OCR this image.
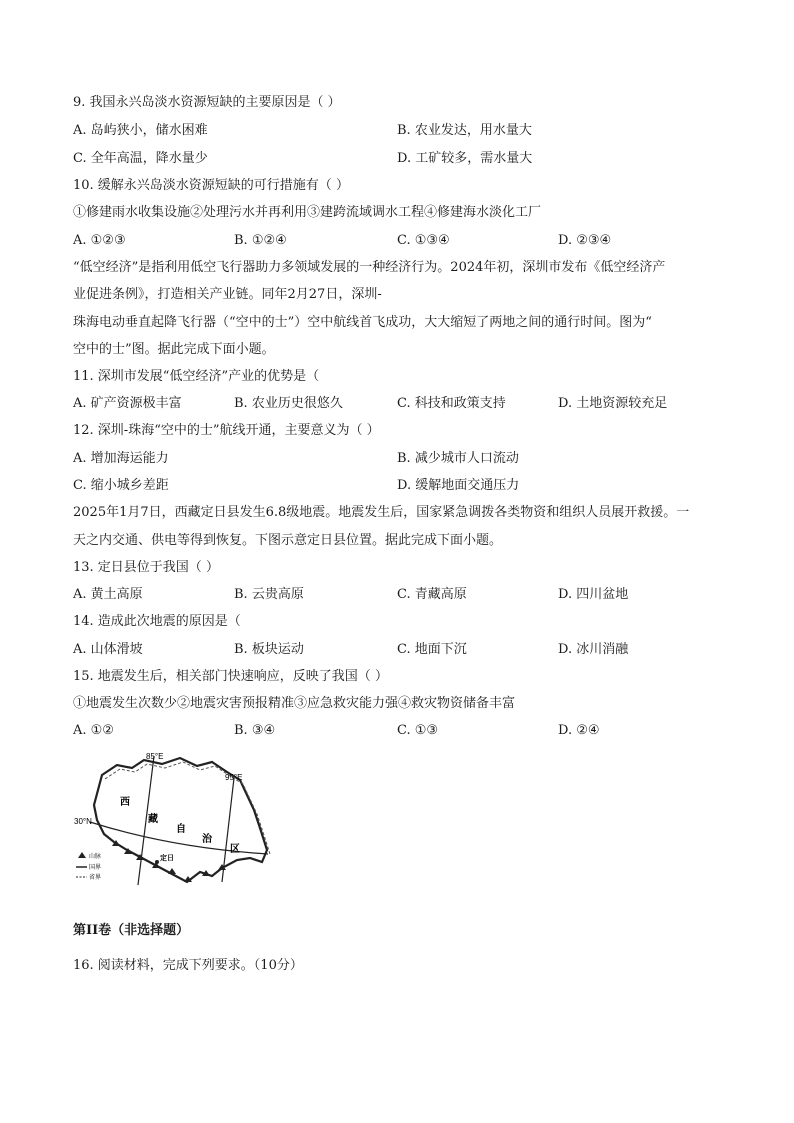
9. 我国永兴岛淡水资源短缺的主要原因是（ ）
A. 岛屿狭小，储水困难	B. 农业发达，用水量大
C. 全年高温，降水量少	D. 工矿较多，需水量大
10. 缓解永兴岛淡水资源短缺的可行措施有（ ）
①修建雨水收集设施②处理污水并再利用③建跨流域调水工程④修建海水淡化工厂
A. ①②③	B. ①②④	C. ①③④	D. ②③④
“低空经济”是指利用低空飞行器助力多领域发展的一种经济行为。2024年初，深圳市发布《低空经济产
业促进条例》，打造相关产业链。同年2月27日，深圳-
珠海电动垂直起降飞行器（“空中的士”）空中航线首飞成功，大大缩短了两地之间的通行时间。图为“
空中的士”图。据此完成下面小题。
11. 深圳市发展“低空经济”产业的优势是（
A. 矿产资源极丰富	B. 农业历史很悠久	C. 科技和政策支持	D. 土地资源较充足
12. 深圳-珠海“空中的士”航线开通，主要意义为（ ）
A. 增加海运能力	B. 减少城市人口流动
C. 缩小城乡差距	D. 缓解地面交通压力
2025年1月7日，西藏定日县发生6.8级地震。地震发生后，国家紧急调拨各类物资和组织人员展开救援。一
天之内交通、供电等得到恢复。下图示意定日县位置。据此完成下面小题。
13. 定日县位于我国（ ）
A. 黄土高原	B. 云贵高原	C. 青藏高原	D. 四川盆地
14. 造成此次地震的原因是（
A. 山体滑坡	B. 板块运动	C. 地面下沉	D. 冰川消融
15. 地震发生后，相关部门快速响应，反映了我国（ ）
①地震发生次数少②地震灾害预报精准③应急救灾能力强④救灾物资储备丰富
A. ①②	B. ③④	C. ①③	D. ②④
85°E
95°E
30°N
西
藏
自
治
区
定日
山脉
国界
省界
第II卷（非选择题）
16. 阅读材料，完成下列要求。（10分）
